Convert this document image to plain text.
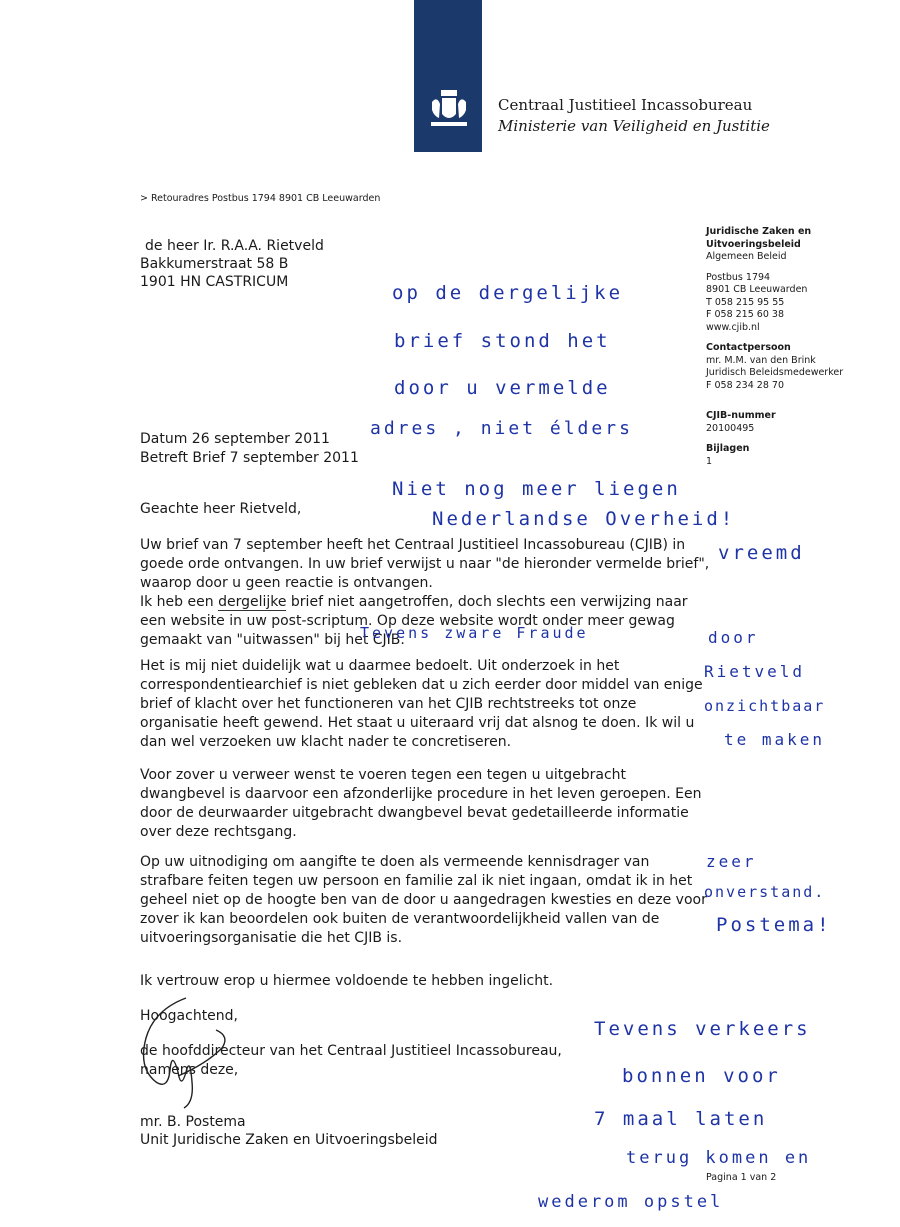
Centraal Justitieel Incassobureau
Ministerie van Veiligheid en Justitie
> Retouradres Postbus 1794 8901 CB Leeuwarden
de heer Ir. R.A.A. Rietveld
Bakkumerstraat 58 B
1901 HN CASTRICUM
Juridische Zaken en
Uitvoeringsbeleid
Algemeen Beleid
Postbus 1794
8901 CB Leeuwarden
T 058 215 95 55
F 058 215 60 38
www.cjib.nl
Contactpersoon
mr. M.M. van den Brink
Juridisch Beleidsmedewerker
F 058 234 28 70
CJIB-nummer
20100495
Bijlagen
1
Datum 26 september 2011
Betreft Brief 7 september 2011
Geachte heer Rietveld,
Uw brief van 7 september heeft het Centraal Justitieel Incassobureau (CJIB) in goede orde ontvangen. In uw brief verwijst u naar "de hieronder vermelde brief", waarop door u geen reactie is ontvangen.
Ik heb een dergelijke brief niet aangetroffen, doch slechts een verwijzing naar een website in uw post-scriptum. Op deze website wordt onder meer gewag gemaakt van "uitwassen" bij het CJIB.
Het is mij niet duidelijk wat u daarmee bedoelt. Uit onderzoek in het correspondentiearchief is niet gebleken dat u zich eerder door middel van enige brief of klacht over het functioneren van het CJIB rechtstreeks tot onze organisatie heeft gewend. Het staat u uiteraard vrij dat alsnog te doen. Ik wil u dan wel verzoeken uw klacht nader te concretiseren.
Voor zover u verweer wenst te voeren tegen een tegen u uitgebracht dwangbevel is daarvoor een afzonderlijke procedure in het leven geroepen. Een door de deurwaarder uitgebracht dwangbevel bevat gedetailleerde informatie over deze rechtsgang.
Op uw uitnodiging om aangifte te doen als vermeende kennisdrager van strafbare feiten tegen uw persoon en familie zal ik niet ingaan, omdat ik in het geheel niet op de hoogte ben van de door u aangedragen kwesties en deze voor zover ik kan beoordelen ook buiten de verantwoordelijkheid vallen van de uitvoeringsorganisatie die het CJIB is.
Ik vertrouw erop u hiermee voldoende te hebben ingelicht.
Hoogachtend,
de hoofddirecteur van het Centraal Justitieel Incassobureau,
namens deze,
mr. B. Postema
Unit Juridische Zaken en Uitvoeringsbeleid
op de dergelijke
brief stond het
door u vermelde
adres , niet élders
Niet nog meer liegen
Nederlandse Overheid!
vreemd
Tevens zware Fraude	door
Rietveld
onzichtbaar
te maken
zeer
onverstand.
Postema!
Tevens verkeers
bonnen voor
7 maal laten
terug komen en
wederom opstel
Pagina 1 van 2
